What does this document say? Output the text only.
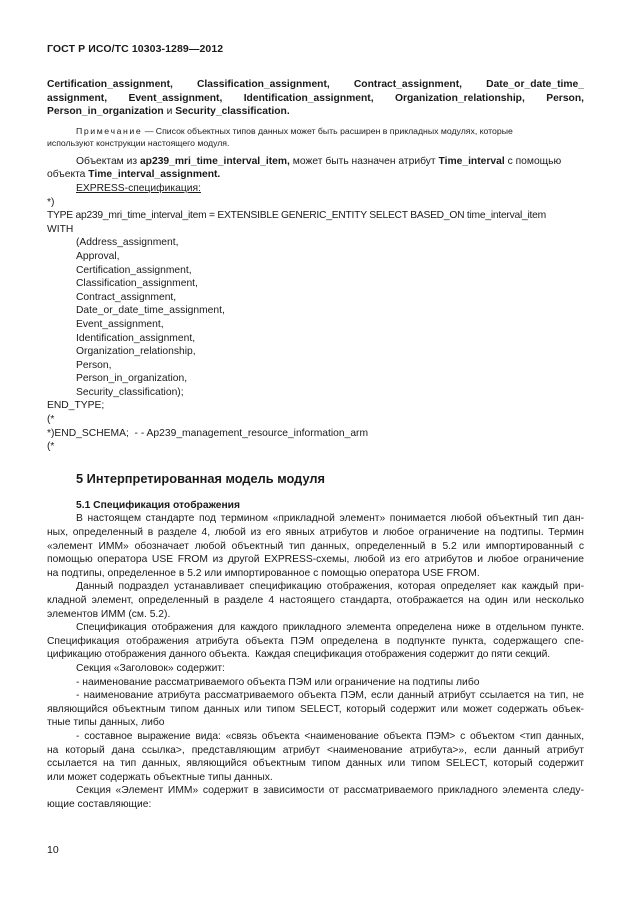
ГОСТ Р ИСО/ТС 10303-1289—2012

Certification_assignment, Classification_assignment, Contract_assignment, Date_or_date_time_

assignment, Event_assignment, Identification_assignment, Organization_relationship, Person,

Person_in_organization и Security_classification.

Примечание — Список объектных типов данных может быть расширен в прикладных модулях, которые

используют конструкции настоящего модуля.

Объектам из ap239_mri_time_interval_item, может быть назначен атрибут Time_interval с помощью

объекта Time_interval_assignment.

EXPRESS-спецификация:

*)
TYPE ap239_mri_time_interval_item = EXTENSIBLE GENERIC_ENTITY SELECT BASED_ON time_interval_item
WITH
(Address_assignment,
Approval,
Certification_assignment,
Classification_assignment,
Contract_assignment,
Date_or_date_time_assignment,
Event_assignment,
Identification_assignment,
Organization_relationship,
Person,
Person_in_organization,
Security_classification);
END_TYPE;
(*
*)END_SCHEMA;  - - Ap239_management_resource_information_arm
(*
5 Интерпретированная модель модуля
5.1 Спецификация отображения

В настоящем стандарте под термином «прикладной элемент» понимается любой объектный тип дан-

ных, определенный в разделе 4, любой из его явных атрибутов и любое ограничение на подтипы. Термин

«элемент ИММ» обозначает любой объектный тип данных, определенный в 5.2 или импортированный с

помощью оператора USE FROM из другой EXPRESS-схемы, любой из его атрибутов и любое ограничение

на подтипы, определенное в 5.2 или импортированное с помощью оператора USE FROM.

Данный подраздел устанавливает спецификацию отображения, которая определяет как каждый при-

кладной элемент, определенный в разделе 4 настоящего стандарта, отображается на один или несколько

элементов ИММ (см. 5.2).

Спецификация отображения для каждого прикладного элемента определена ниже в отдельном пункте.

Спецификация отображения атрибута объекта ПЭМ определена в подпункте пункта, содержащего спе-

цификацию отображения данного объекта.  Каждая спецификация отображения содержит до пяти секций.

Секция «Заголовок» содержит:

- наименование рассматриваемого объекта ПЭМ или ограничение на подтипы либо

- наименование атрибута рассматриваемого объекта ПЭМ, если данный атрибут ссылается на тип, не

являющийся объектным типом данных или типом SELECT, который содержит или может содержать объек-

тные типы данных, либо

- составное выражение вида: «связь объекта <наименование объекта ПЭМ> с объектом <тип данных,

на который дана ссылка>, представляющим атрибут <наименование атрибута>», если данный атрибут

ссылается на тип данных, являющийся объектным типом данных или типом SELECT, который содержит

или может содержать объектные типы данных.

Секция «Элемент ИММ» содержит в зависимости от рассматриваемого прикладного элемента следу-

ющие составляющие:

10
